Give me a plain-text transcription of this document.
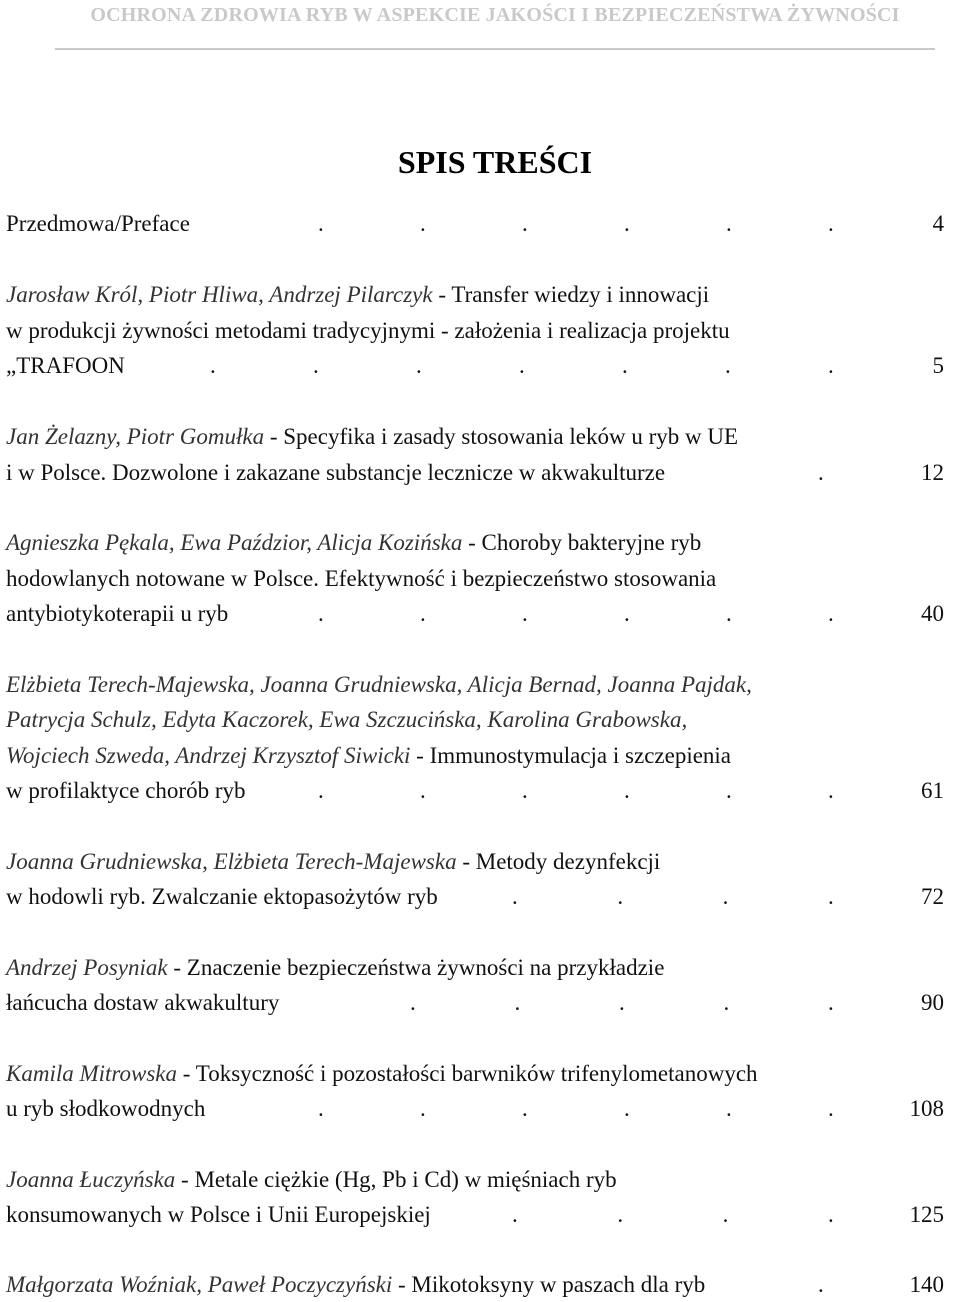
OCHRONA ZDROWIA RYB W ASPEKCIE JAKOŚCI I BEZPIECZEŃSTWA ŻYWNOŚCI
SPIS TREŚCI
Przedmowa/Preface	.	.	.	.	.	.	4
Jarosław Król, Piotr Hliwa, Andrzej Pilarczyk - Transfer wiedzy i innowacji
w produkcji żywności metodami tradycyjnymi - założenia i realizacja projektu
„TRAFOON	.	.	.	.	.	.	.	5
Jan Żelazny, Piotr Gomułka - Specyfika i zasady stosowania leków u ryb w UE
i w Polsce. Dozwolone i zakazane substancje lecznicze w akwakulturze	.	12
Agnieszka Pękala, Ewa Paździor, Alicja Kozińska - Choroby bakteryjne ryb
hodowlanych notowane w Polsce. Efektywność i bezpieczeństwo stosowania
antybiotykoterapii u ryb	.	.	.	.	.	.	40
Elżbieta Terech-Majewska, Joanna Grudniewska, Alicja Bernad, Joanna Pajdak,
Patrycja Schulz, Edyta Kaczorek, Ewa Szczucińska, Karolina Grabowska,
Wojciech Szweda, Andrzej Krzysztof Siwicki - Immunostymulacja i szczepienia
w profilaktyce chorób ryb	.	.	.	.	.	.	61
Joanna Grudniewska, Elżbieta Terech-Majewska - Metody dezynfekcji
w hodowli ryb. Zwalczanie ektopasożytów ryb	.	.	.	.	72
Andrzej Posyniak - Znaczenie bezpieczeństwa żywności na przykładzie
łańcucha dostaw akwakultury	.	.	.	.	.	90
Kamila Mitrowska - Toksyczność i pozostałości barwników trifenylometanowych
u ryb słodkowodnych	.	.	.	.	.	.	108
Joanna Łuczyńska - Metale ciężkie (Hg, Pb i Cd) w mięśniach ryb
konsumowanych w Polsce i Unii Europejskiej	.	.	.	.	125
Małgorzata Woźniak, Paweł Poczyczyński - Mikotoksyny w paszach dla ryb	.	140
